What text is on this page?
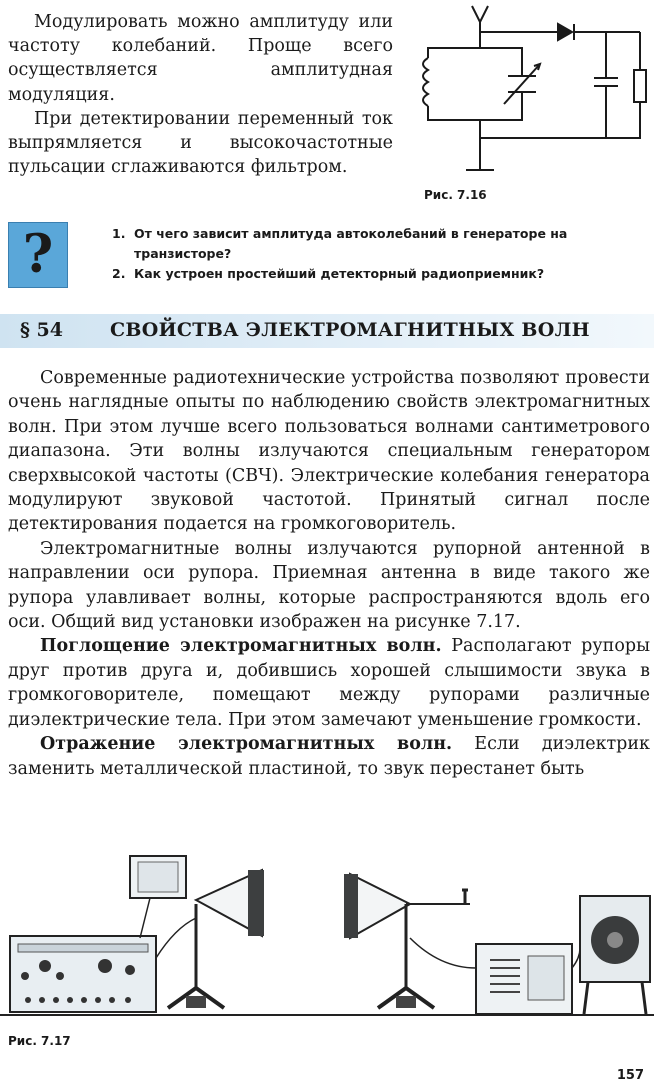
Модулировать можно амплитуду или частоту колебаний. Проще всего осуществляется амплитудная модуляция.

При детектировании переменный ток выпрямляется и высокочастотные пульсации сглаживаются фильтром.

Рис. 7.16
?	1. От чего зависит амплитуда автоколебаний в генераторе на транзисторе?
2. Как устроен простейший детекторный радиоприемник?
§ 54 СВОЙСТВА ЭЛЕКТРОМАГНИТНЫХ ВОЛН

Современные радиотехнические устройства позволяют провести очень наглядные опыты по наблюдению свойств электромагнитных волн. При этом лучше всего пользоваться волнами сантиметрового диапазона. Эти волны излучаются специальным генератором сверхвысокой частоты (СВЧ). Электрические колебания генератора модулируют звуковой частотой. Принятый сигнал после детектирования подается на громкоговоритель.

Электромагнитные волны излучаются рупорной антенной в направлении оси рупора. Приемная антенна в виде такого же рупора улавливает волны, которые распространяются вдоль его оси. Общий вид установки изображен на рисунке 7.17.

Поглощение электромагнитных волн. Располагают рупоры друг против друга и, добившись хорошей слышимости звука в громкоговорителе, помещают между рупорами различные диэлектрические тела. При этом замечают уменьшение громкости.

Отражение электромагнитных волн. Если диэлектрик заменить металлической пластиной, то звук перестанет быть

Рис. 7.17
157
